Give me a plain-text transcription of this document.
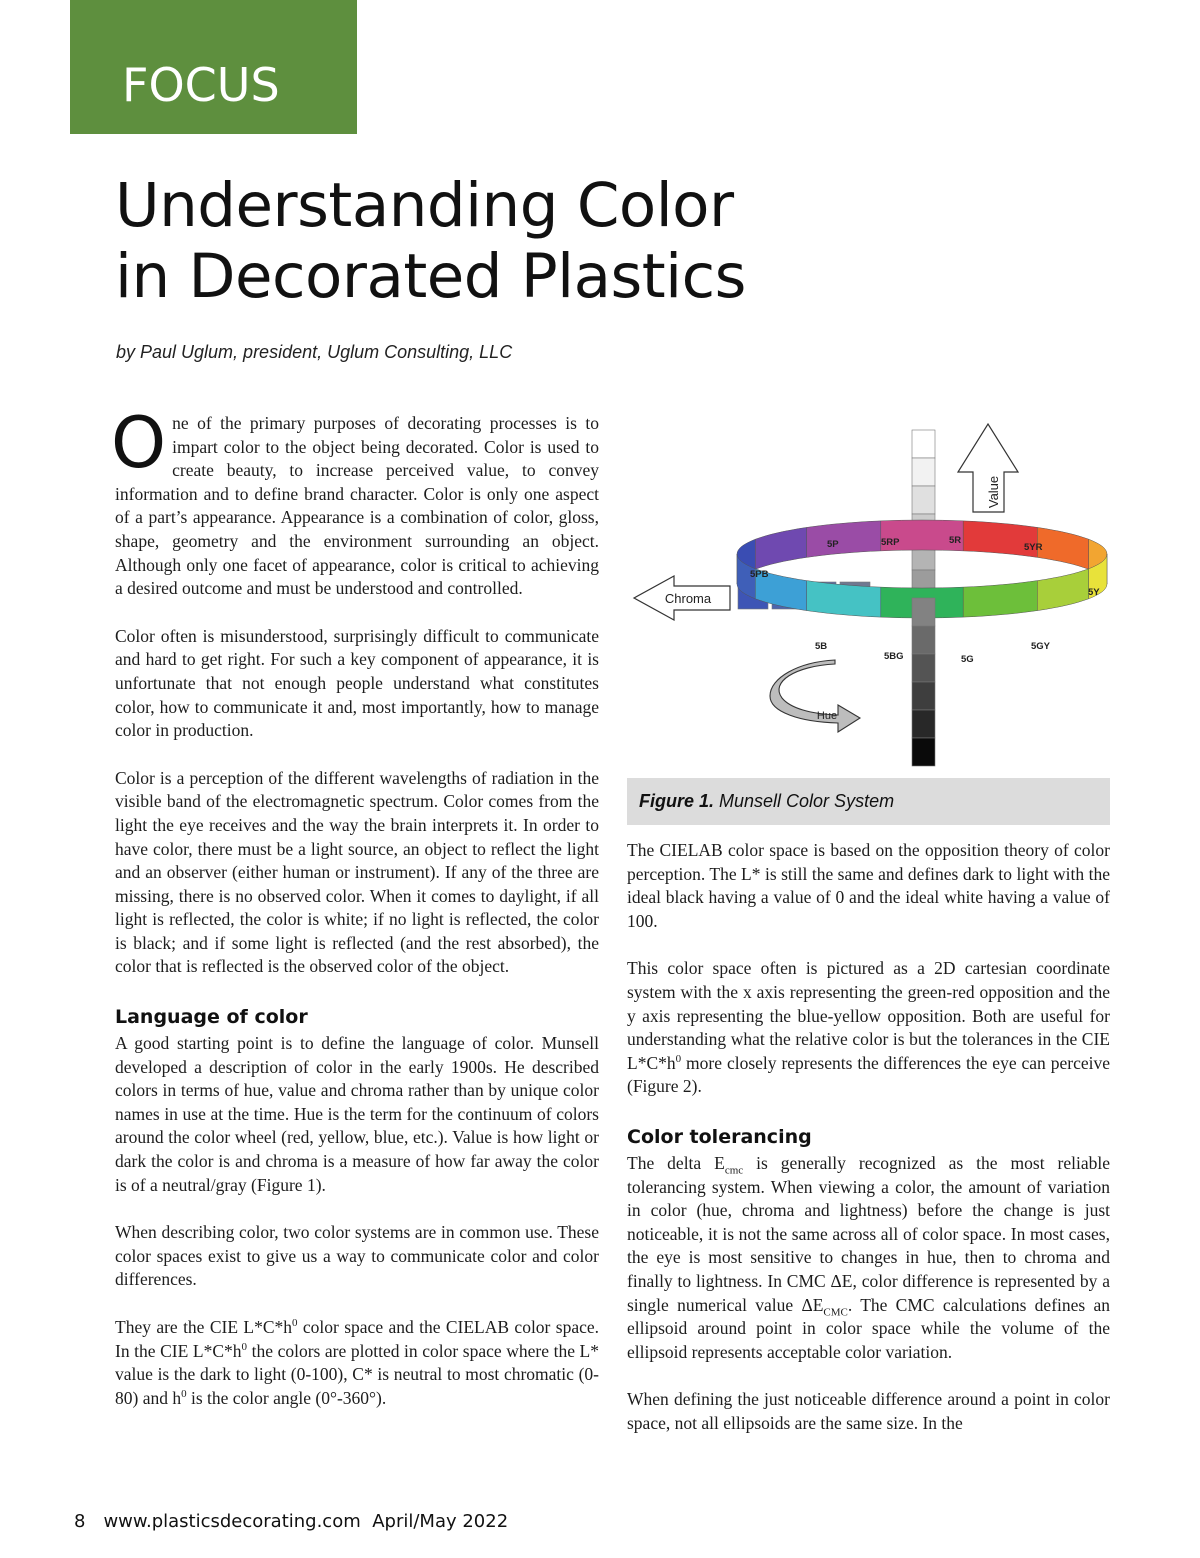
FOCUS
Understanding Color
in Decorated Plastics
by Paul Uglum, president, Uglum Consulting, LLC

One of the primary purposes of decorating processes is to impart color to the object being decorated. Color is used to create beauty, to increase perceived value, to convey information and to define brand character. Color is only one aspect of a part’s appearance. Appearance is a combination of color, gloss, shape, geometry and the environment surrounding an object. Although only one facet of appearance, color is critical to achieving a desired outcome and must be understood and controlled.

Color often is misunderstood, surprisingly difficult to communicate and hard to get right. For such a key component of appearance, it is unfortunate that not enough people understand what constitutes color, how to communicate it and, most importantly, how to manage color in production.

Color is a perception of the different wavelengths of radiation in the visible band of the electromagnetic spectrum. Color comes from the light the eye receives and the way the brain interprets it. In order to have color, there must be a light source, an object to reflect the light and an observer (either human or instrument). If any of the three are missing, there is no observed color. When it comes to daylight, if all light is reflected, the color is white; if no light is reflected, the color is black; and if some light is reflected (and the rest absorbed), the color that is reflected is the observed color of the object.

Language of color

A good starting point is to define the language of color. Munsell developed a description of color in the early 1900s. He described colors in terms of hue, value and chroma rather than by unique color names in use at the time. Hue is the term for the continuum of colors around the color wheel (red, yellow, blue, etc.). Value is how light or dark the color is and chroma is a measure of how far away the color is of a neutral/gray (Figure 1).

When describing color, two color systems are in common use. These color spaces exist to give us a way to communicate color and color differences.

They are the CIE $L*C*h^0$ color space and the CIELAB color space. In the CIE $L*C*h^0$ the colors are plotted in color space where the L* value is the dark to light (0-100), C* is neutral to most chromatic (0-80) and $h^0$ is the color angle (0°-360°).

Value
Chroma
Hue
5PB
5P	5RP	5R
5YR
5Y
5GY
5G
5BG
5B
Figure 1. Munsell Color System

The CIELAB color space is based on the opposition theory of color perception. The L* is still the same and defines dark to light with the ideal black having a value of 0 and the ideal white having a value of 100.

This color space often is pictured as a 2D cartesian coordinate system with the x axis representing the green-red opposition and the y axis representing the blue-yellow opposition. Both are useful for understanding what the relative color is but the tolerances in the CIE $L*C*h^0$ more closely represents the differences the eye can perceive (Figure 2).

Color tolerancing

The delta $E_{cmc}$ is generally recognized as the most reliable tolerancing system. When viewing a color, the amount of variation in color (hue, chroma and lightness) before the change is just noticeable, it is not the same across all of color space. In most cases, the eye is most sensitive to changes in hue, then to chroma and finally to lightness. In CMC ΔE, color difference is represented by a single numerical value $\Delta E_{CMC}$. The CMC calculations defines an ellipsoid around point in color space while the volume of the ellipsoid represents acceptable color variation.

When defining the just noticeable difference around a point in color space, not all ellipsoids are the same size. In the

8 www.plasticsdecorating.com April/May 2022
